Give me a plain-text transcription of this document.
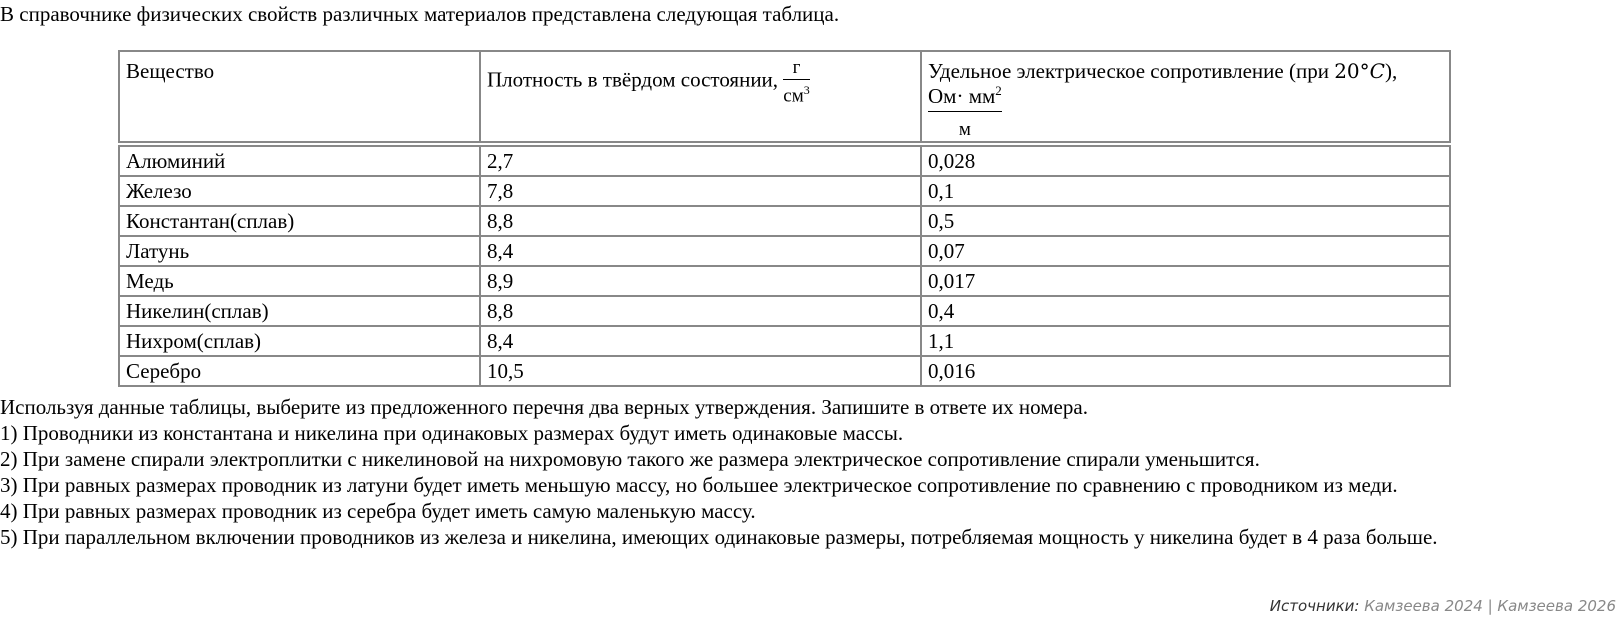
В справочнике физических свойств различных материалов представлена следующая таблица.
Вещество	Плотность в твёрдом состоянии, $\frac{г}{см^3}$	Удельное электрическое сопротивление (при 20°C),

$\frac{Ом\cdot мм^2}{м}$

Алюминий	2,7	0,028
Железо	7,8	0,1
Константан(сплав)	8,8	0,5
Латунь	8,4	0,07
Медь	8,9	0,017
Никелин(сплав)	8,8	0,4
Нихром(сплав)	8,4	1,1
Серебро	10,5	0,016

Используя данные таблицы, выберите из предложенного перечня два верных утверждения. Запишите в ответе их номера.

1) Проводники из константана и никелина при одинаковых размерах будут иметь одинаковые массы.

2) При замене спирали электроплитки с никелиновой на нихромовую такого же размера электрическое сопротивление спирали уменьшится.

3) При равных размерах проводник из латуни будет иметь меньшую массу, но большее электрическое сопротивление по сравнению с проводником из меди.

4) При равных размерах проводник из серебра будет иметь самую маленькую массу.

5) При параллельном включении проводников из железа и никелина, имеющих одинаковые размеры, потребляемая мощность у никелина будет в 4 раза больше.

Источники: Камзеева 2024 | Камзеева 2026
